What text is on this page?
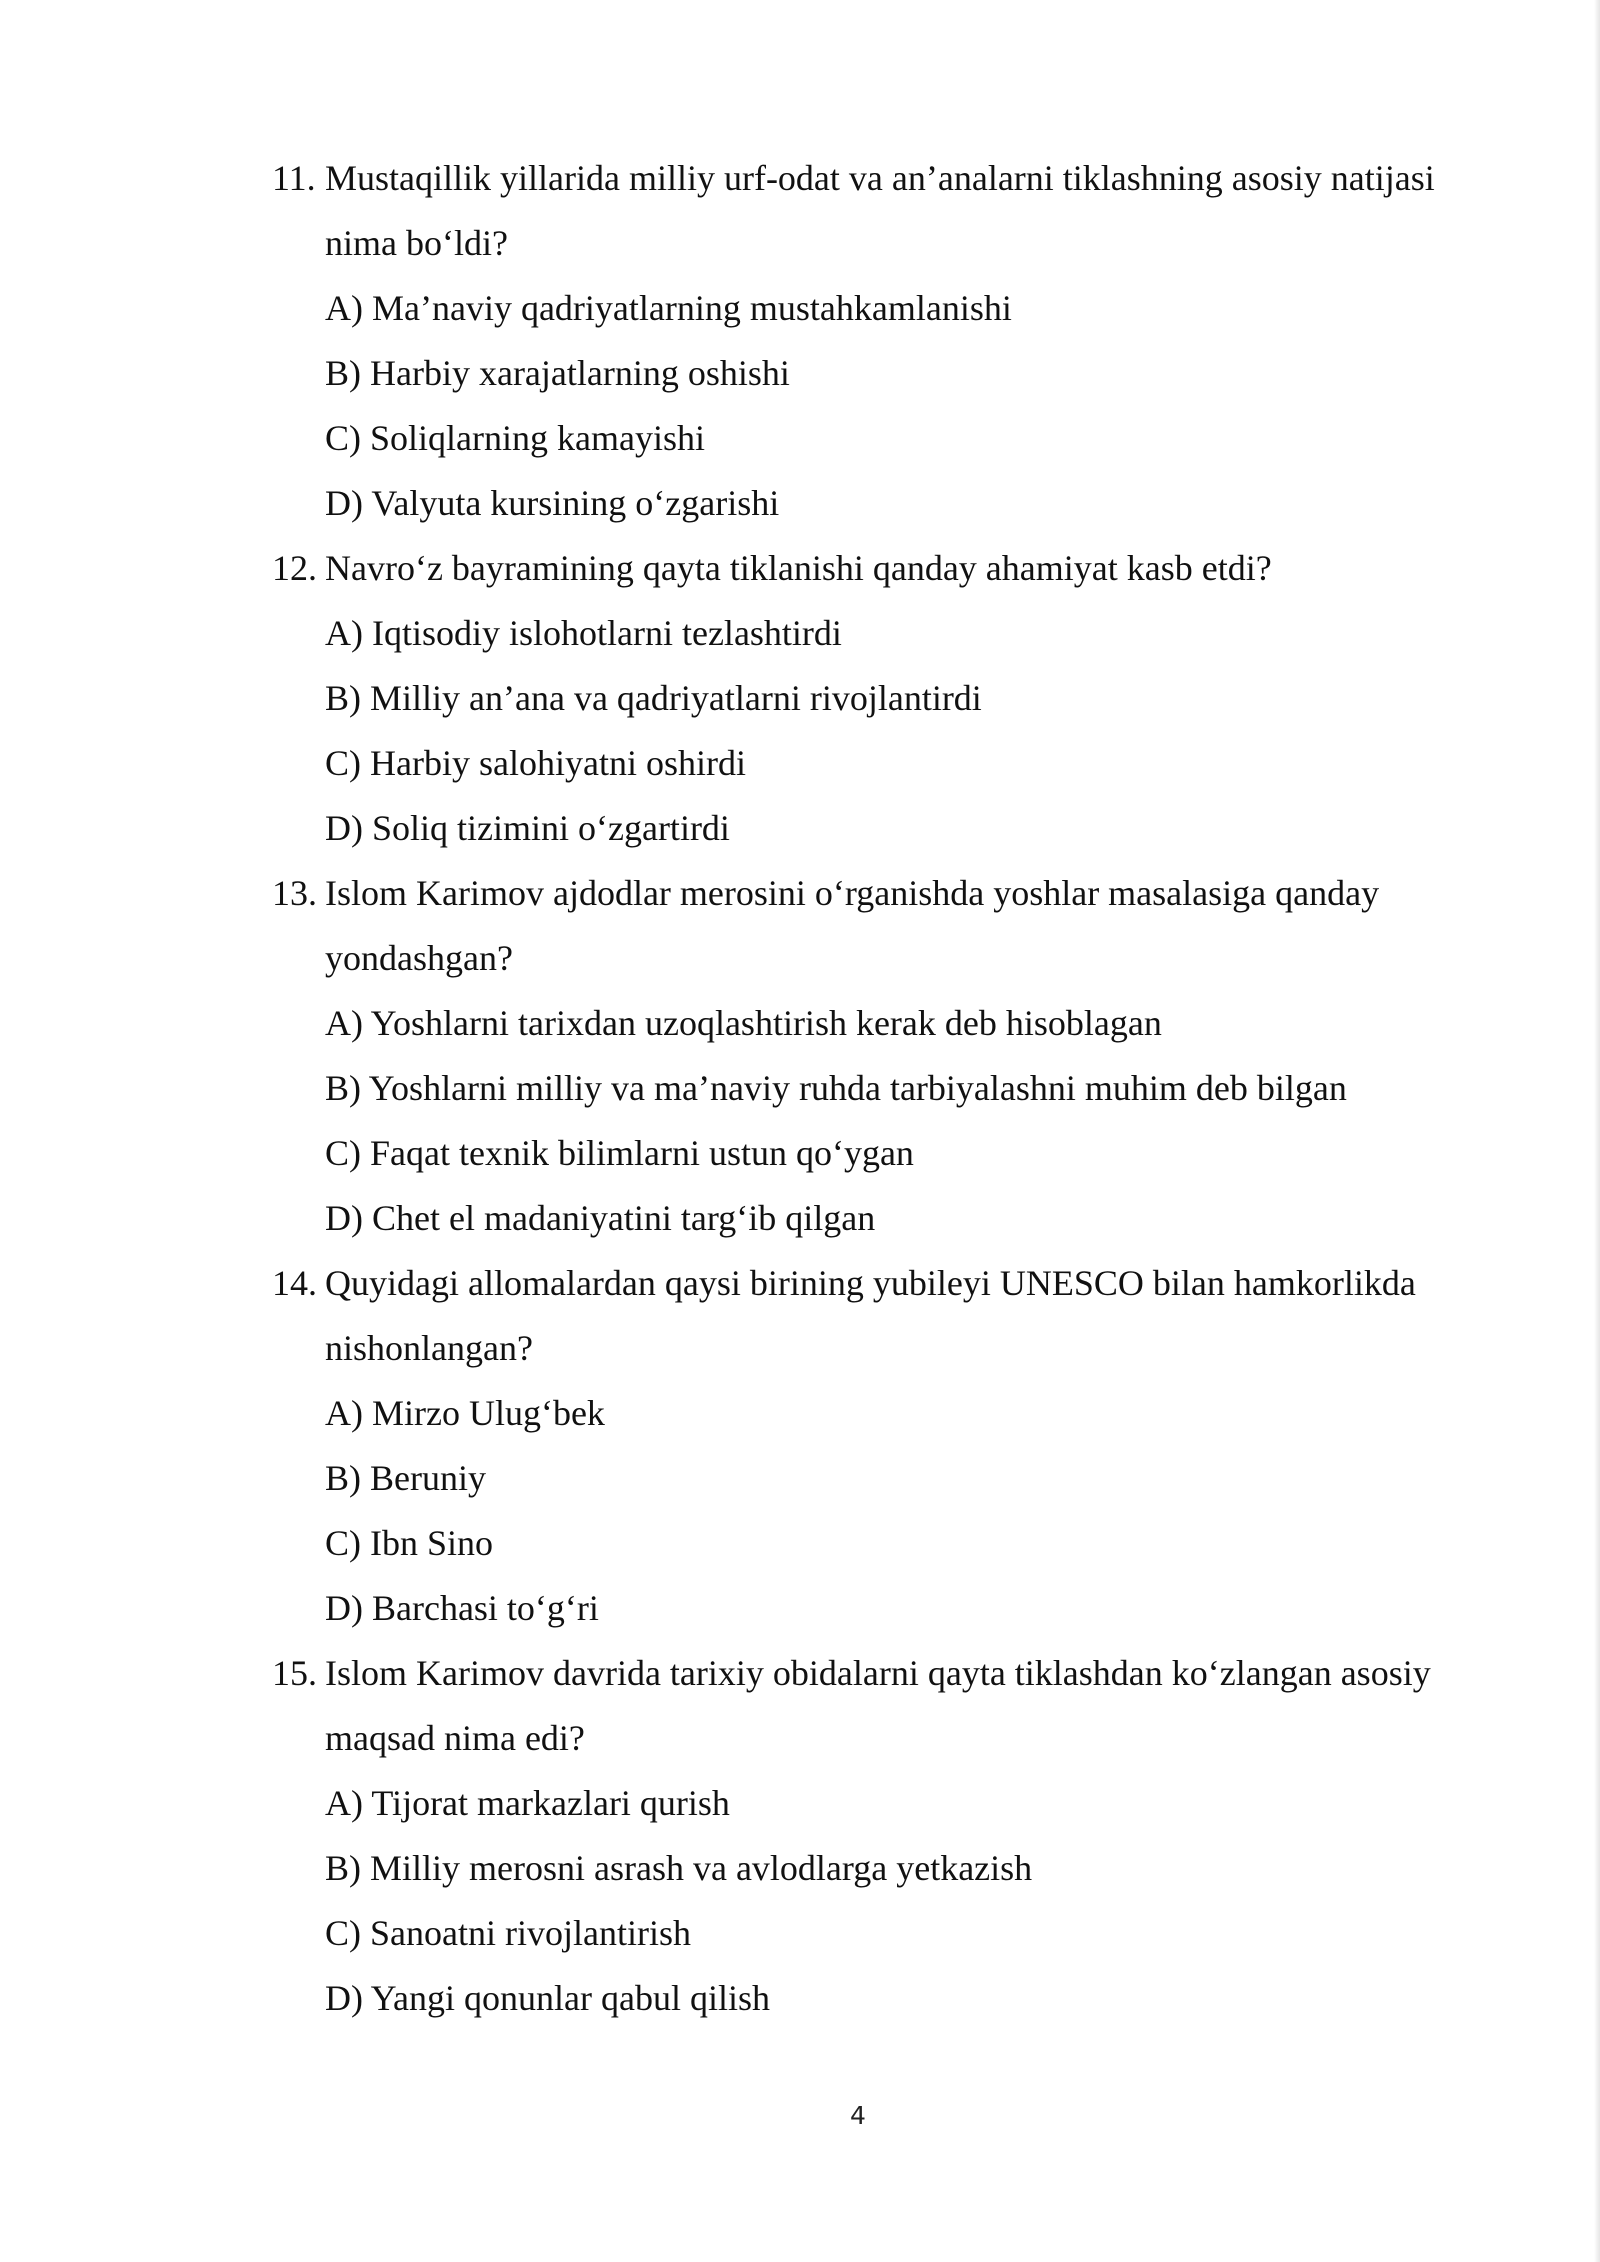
11. Mustaqillik yillarida milliy urf-odat va an’analarni tiklashning asosiy natijasi
nima bo‘ldi?
A) Ma’naviy qadriyatlarning mustahkamlanishi
B) Harbiy xarajatlarning oshishi
C) Soliqlarning kamayishi
D) Valyuta kursining o‘zgarishi
12. Navro‘z bayramining qayta tiklanishi qanday ahamiyat kasb etdi?
A) Iqtisodiy islohotlarni tezlashtirdi
B) Milliy an’ana va qadriyatlarni rivojlantirdi
C) Harbiy salohiyatni oshirdi
D) Soliq tizimini o‘zgartirdi
13. Islom Karimov ajdodlar merosini o‘rganishda yoshlar masalasiga qanday
yondashgan?
A) Yoshlarni tarixdan uzoqlashtirish kerak deb hisoblagan
B) Yoshlarni milliy va ma’naviy ruhda tarbiyalashni muhim deb bilgan
C) Faqat texnik bilimlarni ustun qo‘ygan
D) Chet el madaniyatini targ‘ib qilgan
14. Quyidagi allomalardan qaysi birining yubileyi UNESCO bilan hamkorlikda
nishonlangan?
A) Mirzo Ulug‘bek
B) Beruniy
C) Ibn Sino
D) Barchasi to‘g‘ri
15. Islom Karimov davrida tarixiy obidalarni qayta tiklashdan ko‘zlangan asosiy
maqsad nima edi?
A) Tijorat markazlari qurish
B) Milliy merosni asrash va avlodlarga yetkazish
C) Sanoatni rivojlantirish
D) Yangi qonunlar qabul qilish
4
